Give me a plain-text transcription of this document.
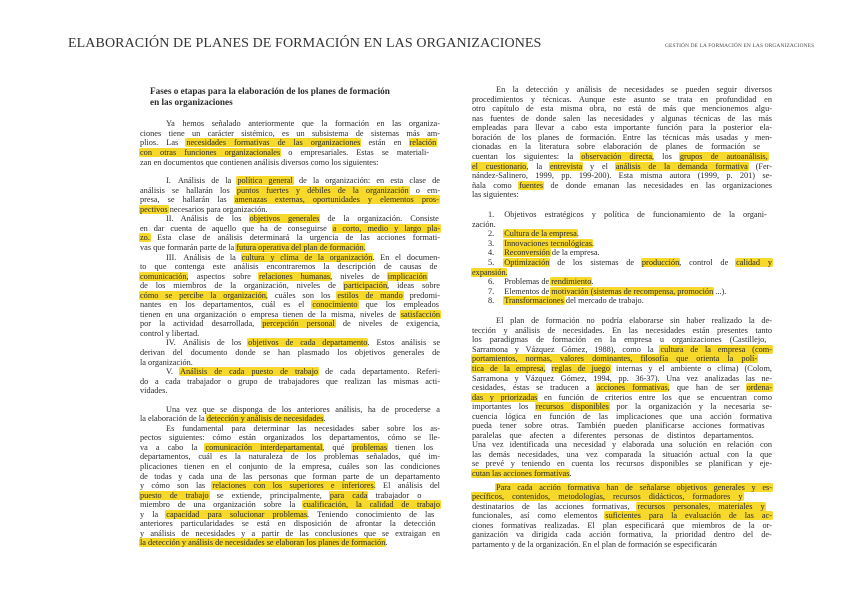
ELABORACIÓN DE PLANES DE FORMACIÓN EN LAS ORGANIZACIONES	GESTIÓN DE LA FORMACIÓN EN LAS ORGANIZACIONES
Fases o etapas para la elaboración de los planes de formación
en las organizaciones
Ya hemos señalado anteriormente que la formación en las organiza-
ciones tiene un carácter sistémico, es un subsistema de sistemas más am-
plios. Las necesidades formativas de las organizaciones están en relación
con otras funciones organizacionales o empresariales. Estas se materiali-
zan en documentos que contienen análisis diversos como los siguientes:
I. Análisis de la política general de la organización: en esta clase de
análisis se hallarán los puntos fuertes y débiles de la organización o em-
presa, se hallarán las amenazas externas, oportunidades y elementos pros-
pectivos necesarios para organización.
II. Análisis de los objetivos generales de la organización. Consiste
en dar cuenta de aquello que ha de conseguirse a corto, medio y largo pla-
zo. Esta clase de análisis determinará la urgencia de las acciones formati-
vas que formarán parte de la futura operativa del plan de formación.
III. Análisis de la cultura y clima de la organización. En el documen-
to que contenga este análisis encontraremos la descripción de causas de
comunicación, aspectos sobre relaciones humanas, niveles de implicación
de los miembros de la organización, niveles de participación, ideas sobre
cómo se percibe la organización, cuáles son los estilos de mando predomi-
nantes en los departamentos, cuál es el conocimiento que los empleados
tienen en una organización o empresa tienen de la misma, niveles de satisfacción
por la actividad desarrollada, percepción personal de niveles de exigencia,
control y libertad.
IV. Análisis de los objetivos de cada departamento. Estos análisis se
derivan del documento donde se han plasmado los objetivos generales de
la organización.
V. Análisis de cada puesto de trabajo de cada departamento. Referi-
do a cada trabajador o grupo de trabajadores que realizan las mismas acti-
vidades.
Una vez que se disponga de los anteriores análisis, ha de procederse a
la elaboración de la detección y análisis de necesidades.
Es fundamental para determinar las necesidades saber sobre los as-
pectos siguientes: cómo están organizados los departamentos, cómo se lle-
va a cabo la comunicación interdepartamental, qué problemas tienen los
departamentos, cuál es la naturaleza de los problemas señalados, qué im-
plicaciones tienen en el conjunto de la empresa, cuáles son las condiciones
de todas y cada una de las personas que forman parte de un departamento
y cómo son las relaciones con los superiores e inferiores. El análisis del
puesto de trabajo se extiende, principalmente, para cada trabajador o
miembro de una organización sobre la cualificación, la calidad de trabajo
y la capacidad para solucionar problemas. Teniendo conocimiento de las
anteriores particularidades se está en disposición de afrontar la detección
y análisis de necesidades y a partir de las conclusiones que se extraigan en
la detección y análisis de necesidades se elaboran los planes de formación.
En la detección y análisis de necesidades se pueden seguir diversos
procedimientos y técnicas. Aunque este asunto se trata en profundidad en
otro capítulo de esta misma obra, no está de más que mencionemos algu-
nas fuentes de donde salen las necesidades y algunas técnicas de las más
empleadas para llevar a cabo esta importante función para la posterior ela-
boración de los planes de formación. Entre las técnicas más usadas y men-
cionadas en la literatura sobre elaboración de planes de formación se
cuentan los siguientes: la observación directa, los grupos de autoanálisis,
el cuestionario, la entrevista y el análisis de la demanda formativa (Fer-
nández-Salinero, 1999, pp. 199-200). Esta misma autora (1999, p. 201) se-
ñala como fuentes de donde emanan las necesidades en las organizaciones
las siguientes:
1. Objetivos estratégicos y política de funcionamiento de la organi-
zación.
2. Cultura de la empresa.
3. Innovaciones tecnológicas.
4. Reconversión de la empresa.
5. Optimización de los sistemas de producción, control de calidad y
expansión.
6. Problemas de rendimiento.
7. Elementos de motivación (sistemas de recompensa, promoción ...).
8. Transformaciones del mercado de trabajo.
El plan de formación no podría elaborarse sin haber realizado la de-
tección y análisis de necesidades. En las necesidades están presentes tanto
los paradigmas de formación en la empresa u organizaciones (Castillejo,
Sarramona y Vázquez Gómez, 1988), como la cultura de la empresa (com-
portamientos, normas, valores dominantes, filosofía que orienta la polí-
tica de la empresa, reglas de juego internas y el ambiente o clima) (Colom,
Sarramona y Vázquez Gómez, 1994, pp. 36-37). Una vez analizadas las ne-
cesidades, éstas se traducen a acciones formativas, que han de ser ordena-
das y priorizadas en función de criterios entre los que se encuentran como
importantes los recursos disponibles por la organización y la necesaria se-
cuencia lógica en función de las implicaciones que una acción formativa
pueda tener sobre otras. También pueden planificarse acciones formativas
paralelas que afecten a diferentes personas de distintos departamentos.
Una vez identificada una necesidad y elaborada una solución en relación con
las demás necesidades, una vez comparada la situación actual con la que
se prevé y teniendo en cuenta los recursos disponibles se planifican y eje-
cutan las acciones formativas.
Para cada acción formativa han de señalarse objetivos generales y es-
pecíficos, contenidos, metodologías, recursos didácticos, formadores y
destinatarios de las acciones formativas, recursos personales, materiales y
funcionales, así como elementos suficientes para la evaluación de las ac-
ciones formativas realizadas. El plan especificará que miembros de la or-
ganización va dirigida cada acción formativa, la prioridad dentro del de-
partamento y de la organización. En el plan de formación se especificarán
